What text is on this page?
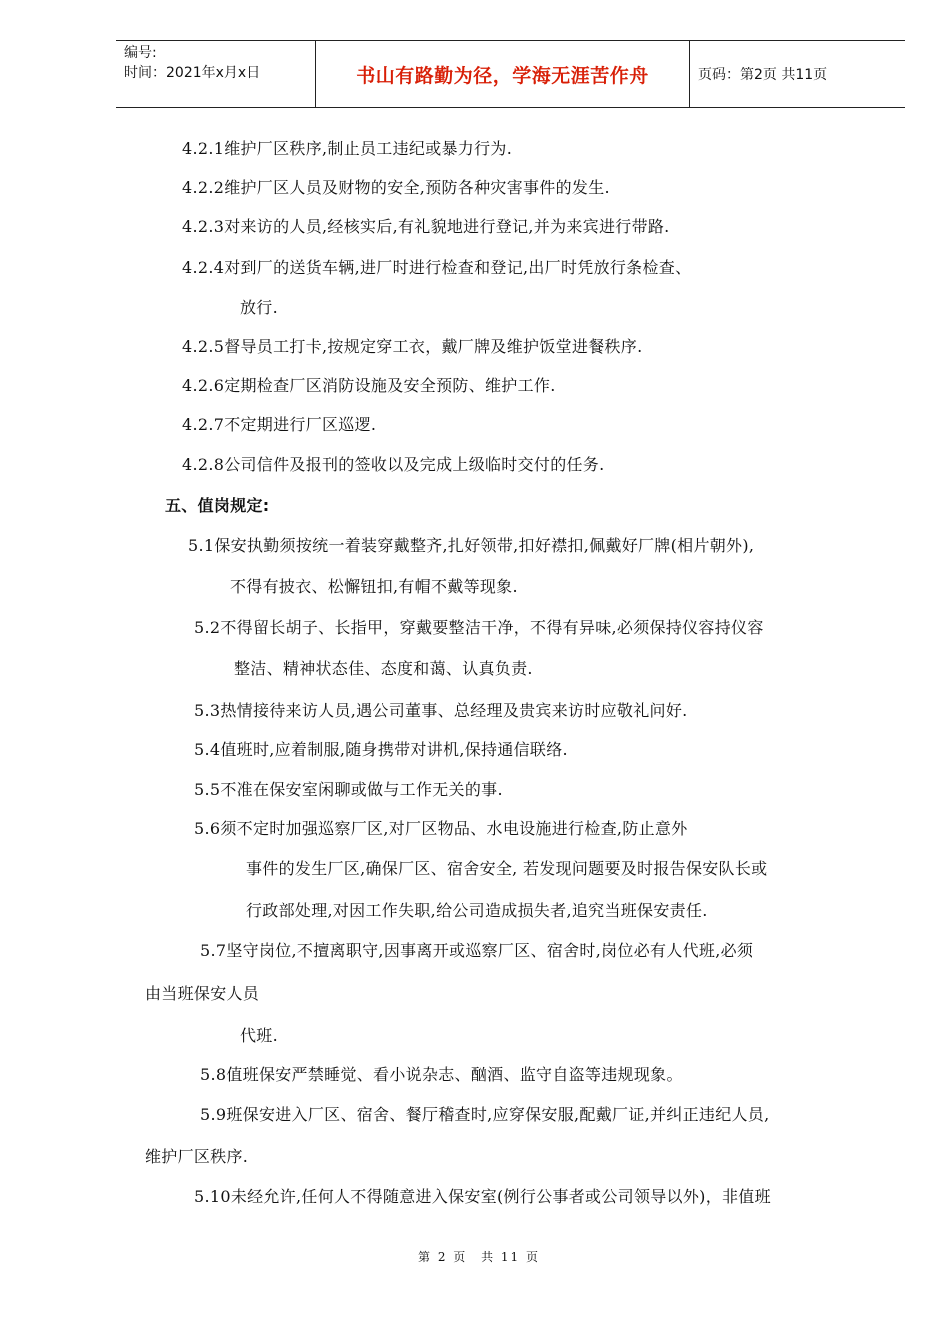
编号:
时间：2021年x月x日	书山有路勤为径，学海无涯苦作舟	页码：第2页 共11页
4.2.1维护厂区秩序,制止员工违纪或暴力行为.
4.2.2维护厂区人员及财物的安全,预防各种灾害事件的发生.
4.2.3对来访的人员,经核实后,有礼貌地进行登记,并为来宾进行带路.
4.2.4对到厂的送货车辆,进厂时进行检查和登记,出厂时凭放行条检查、
放行.
4.2.5督导员工打卡,按规定穿工衣，戴厂牌及维护饭堂进餐秩序.
4.2.6定期检查厂区消防设施及安全预防、维护工作.
4.2.7不定期进行厂区巡逻.
4.2.8公司信件及报刊的签收以及完成上级临时交付的任务.
五、值岗规定:
5.1保安执勤须按统一着装穿戴整齐,扎好领带,扣好襟扣,佩戴好厂牌(相片朝外),
不得有披衣、松懈钮扣,有帽不戴等现象.
5.2不得留长胡子、长指甲，穿戴要整洁干净，不得有异味,必须保持仪容持仪容
整洁、精神状态佳、态度和蔼、认真负责.
5.3热情接待来访人员,遇公司董事、总经理及贵宾来访时应敬礼问好.
5.4值班时,应着制服,随身携带对讲机,保持通信联络.
5.5不准在保安室闲聊或做与工作无关的事.
5.6须不定时加强巡察厂区,对厂区物品、水电设施进行检查,防止意外
事件的发生厂区,确保厂区、宿舍安全, 若发现问题要及时报告保安队长或
行政部处理,对因工作失职,给公司造成损失者,追究当班保安责任.
5.7坚守岗位,不擅离职守,因事离开或巡察厂区、宿舍时,岗位必有人代班,必须
由当班保安人员
代班.
5.8值班保安严禁睡觉、看小说杂志、酗酒、监守自盗等违规现象。
5.9班保安进入厂区、宿舍、餐厅稽查时,应穿保安服,配戴厂证,并纠正违纪人员,
维护厂区秩序.
5.10未经允许,任何人不得随意进入保安室(例行公事者或公司领导以外)，非值班
第 2 页 共 11 页
